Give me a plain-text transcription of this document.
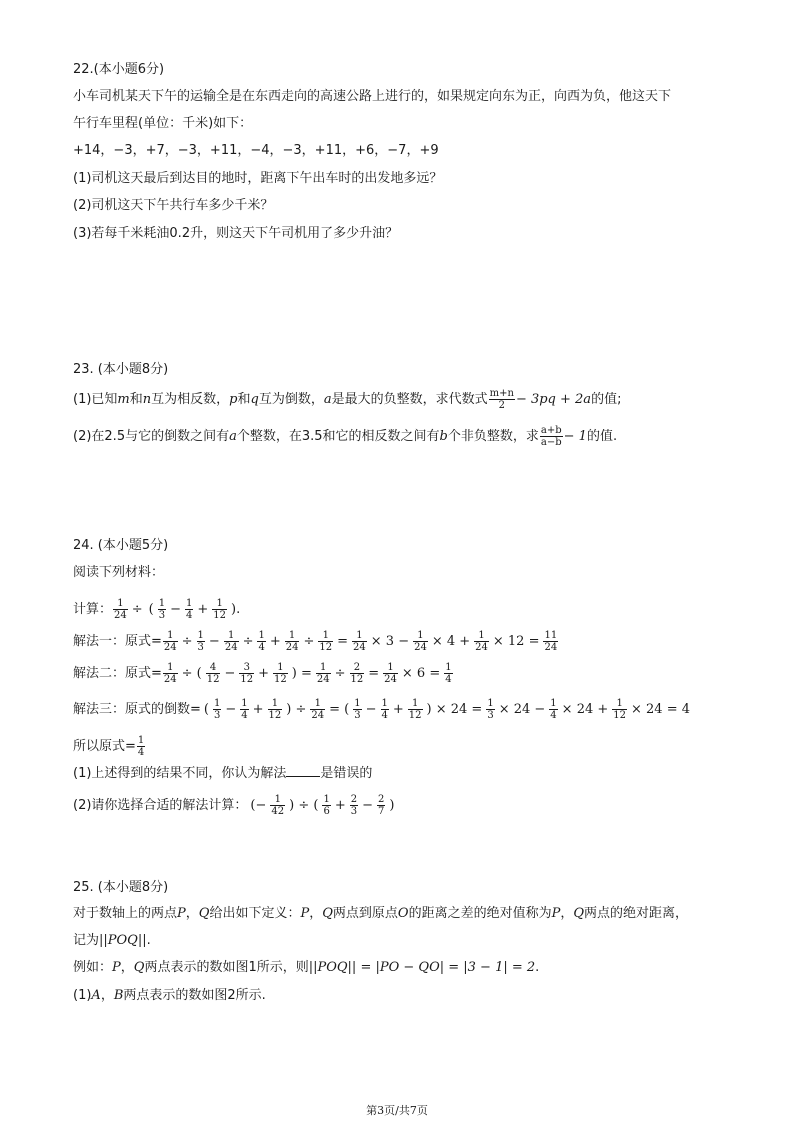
22.(本小题6分)
小车司机某天下午的运输全是在东西走向的高速公路上进行的，如果规定向东为正，向西为负，他这天下
午行车里程(单位：千米)如下：
+14，−3，+7，−3，+11，−4，−3，+11，+6，−7，+9
(1)司机这天最后到达目的地时，距离下午出车时的出发地多远？
(2)司机这天下午共行车多少千米？
(3)若每千米耗油0.2升，则这天下午司机用了多少升油？
23. (本小题8分)
(1)已知m和n互为相反数，p和q互为倒数，a是最大的负整数，求代数式 $\frac{m+n}{2} - 3pq + 2a$的值;
(2)在2.5与它的倒数之间有a个整数，在3.5和它的相反数之间有b个非负整数，求 $\frac{a+b}{a-b} - 1$的值.
24. (本小题5分)
阅读下列材料：
计算： $\frac{1}{24}$ ÷ ( $\frac{1}{3} - \frac{1}{4} + \frac{1}{12}$ ).
解法一：原式= $\frac{1}{24} \div \frac{1}{3} - \frac{1}{24} \div \frac{1}{4} + \frac{1}{24} \div \frac{1}{12} = \frac{1}{24} \times 3 - \frac{1}{24} \times 4 + \frac{1}{24} \times 12 = \frac{11}{24}$
解法二：原式= $\frac{1}{24}$ ÷ ( $\frac{4}{12} - \frac{3}{12} + \frac{1}{12}$ ) = $\frac{1}{24} \div \frac{2}{12} = \frac{1}{24} \times 6 = \frac{1}{4}$
解法三：原式的倒数= ( $\frac{1}{3} - \frac{1}{4} + \frac{1}{12}$ ) ÷ $\frac{1}{24}$ = ( $\frac{1}{3} - \frac{1}{4} + \frac{1}{12}$ ) × $24 = \frac{1}{3} \times 24 - \frac{1}{4} \times 24 + \frac{1}{12} \times 24 = 4$
所以原式= $\frac{1}{4}$
(1)上述得到的结果不同，你认为解法	是错误的
(2)请你选择合适的解法计算： (− $\frac{1}{42}$ ) ÷ ( $\frac{1}{6} + \frac{2}{3} - \frac{2}{7}$ )
25. (本小题8分)
对于数轴上的两点P，Q给出如下定义：P，Q两点到原点O的距离之差的绝对值称为P，Q两点的绝对距离，
记为||POQ||.
例如：P，Q两点表示的数如图1所示，则||POQ|| = |PO − QO| = |3 − 1| = 2.
(1)A，B两点表示的数如图2所示.
第3页/共7页
